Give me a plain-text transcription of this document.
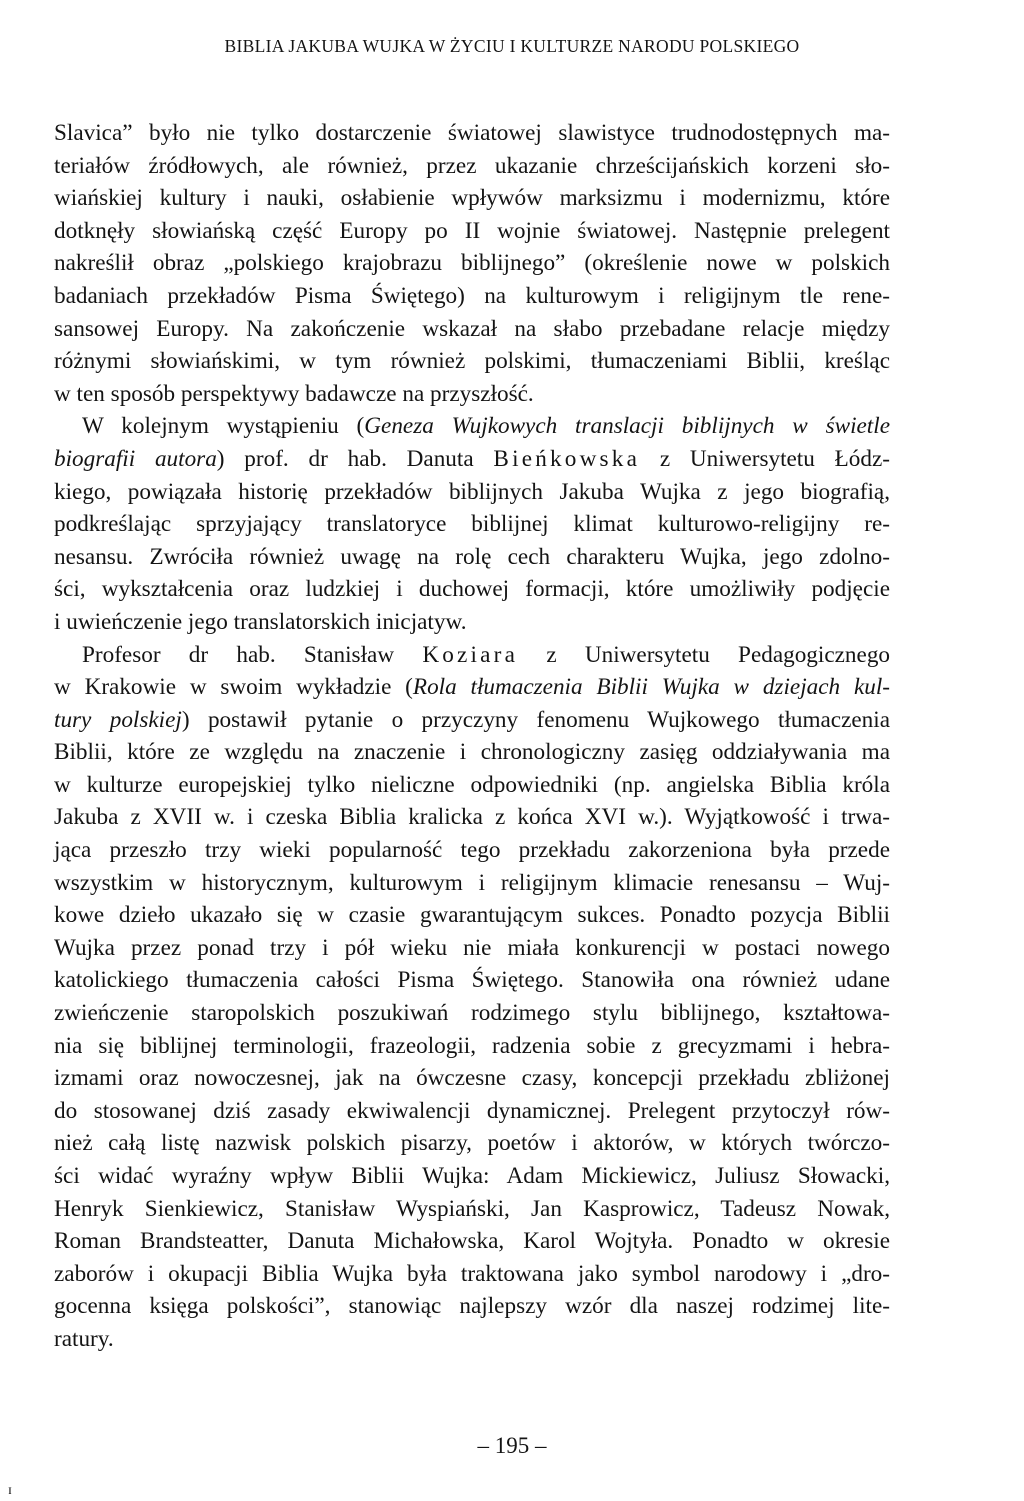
BIBLIA JAKUBA WUJKA W ŻYCIU I KULTURZE NARODU POLSKIEGO
Slavica” było nie tylko dostarczenie światowej slawistyce trudnodostępnych ma-
teriałów źródłowych, ale również, przez ukazanie chrześcijańskich korzeni sło-
wiańskiej kultury i nauki, osłabienie wpływów marksizmu i modernizmu, które
dotknęły słowiańską część Europy po II wojnie światowej. Następnie prelegent
nakreślił obraz „polskiego krajobrazu biblijnego” (określenie nowe w polskich
badaniach przekładów Pisma Świętego) na kulturowym i religijnym tle rene-
sansowej Europy. Na zakończenie wskazał na słabo przebadane relacje między
różnymi słowiańskimi, w tym również polskimi, tłumaczeniami Biblii, kreśląc
w ten sposób perspektywy badawcze na przyszłość.
W kolejnym wystąpieniu (Geneza Wujkowych translacji biblijnych w świetle
biografii autora) prof. dr hab. Danuta Bieńkowska z Uniwersytetu Łódz-
kiego, powiązała historię przekładów biblijnych Jakuba Wujka z jego biografią,
podkreślając sprzyjający translatoryce biblijnej klimat kulturowo-religijny re-
nesansu. Zwróciła również uwagę na rolę cech charakteru Wujka, jego zdolno-
ści, wykształcenia oraz ludzkiej i duchowej formacji, które umożliwiły podjęcie
i uwieńczenie jego translatorskich inicjatyw.
Profesor dr hab. Stanisław Koziara z Uniwersytetu Pedagogicznego
w Krakowie w swoim wykładzie (Rola tłumaczenia Biblii Wujka w dziejach kul-
tury polskiej) postawił pytanie o przyczyny fenomenu Wujkowego tłumaczenia
Biblii, które ze względu na znaczenie i chronologiczny zasięg oddziaływania ma
w kulturze europejskiej tylko nieliczne odpowiedniki (np. angielska Biblia króla
Jakuba z XVII w. i czeska Biblia kralicka z końca XVI w.). Wyjątkowość i trwa-
jąca przeszło trzy wieki popularność tego przekładu zakorzeniona była przede
wszystkim w historycznym, kulturowym i religijnym klimacie renesansu – Wuj-
kowe dzieło ukazało się w czasie gwarantującym sukces. Ponadto pozycja Biblii
Wujka przez ponad trzy i pół wieku nie miała konkurencji w postaci nowego
katolickiego tłumaczenia całości Pisma Świętego. Stanowiła ona również udane
zwieńczenie staropolskich poszukiwań rodzimego stylu biblijnego, kształtowa-
nia się biblijnej terminologii, frazeologii, radzenia sobie z grecyzmami i hebra-
izmami oraz nowoczesnej, jak na ówczesne czasy, koncepcji przekładu zbliżonej
do stosowanej dziś zasady ekwiwalencji dynamicznej. Prelegent przytoczył rów-
nież całą listę nazwisk polskich pisarzy, poetów i aktorów, w których twórczo-
ści widać wyraźny wpływ Biblii Wujka: Adam Mickiewicz, Juliusz Słowacki,
Henryk Sienkiewicz, Stanisław Wyspiański, Jan Kasprowicz, Tadeusz Nowak,
Roman Brandsteatter, Danuta Michałowska, Karol Wojtyła. Ponadto w okresie
zaborów i okupacji Biblia Wujka była traktowana jako symbol narodowy i „dro-
gocenna księga polskości”, stanowiąc najlepszy wzór dla naszej rodzimej lite-
ratury.
– 195 –
ɪ
